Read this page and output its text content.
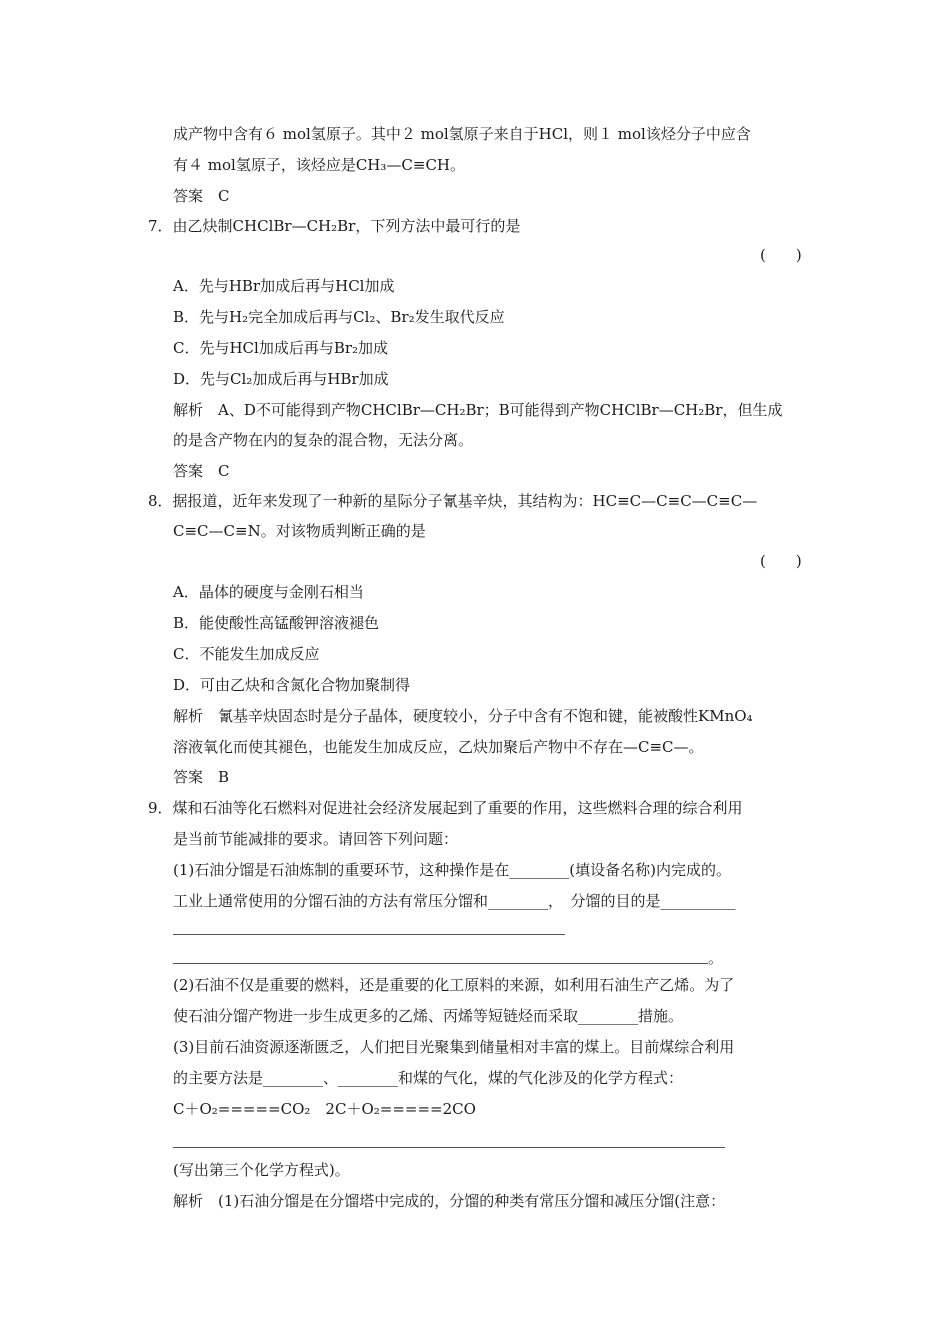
成产物中含有６ mol氢原子。其中２ mol氢原子来自于HCl，则１ mol该烃分子中应含
有４ mol氢原子，该烃应是CH₃—C≡CH。
答案　C
7．由乙炔制CHClBr—CH₂Br，下列方法中最可行的是
(　　)
A．先与HBr加成后再与HCl加成
B．先与H₂完全加成后再与Cl₂、Br₂发生取代反应
C．先与HCl加成后再与Br₂加成
D．先与Cl₂加成后再与HBr加成
解析　A、D不可能得到产物CHClBr—CH₂Br；B可能得到产物CHClBr—CH₂Br，但生成
的是含产物在内的复杂的混合物，无法分离。
答案　C
8．据报道，近年来发现了一种新的星际分子氰基辛炔，其结构为：HC≡C—C≡C—C≡C—
C≡C—C≡N。对该物质判断正确的是
(　　)
A．晶体的硬度与金刚石相当
B．能使酸性高锰酸钾溶液褪色
C．不能发生加成反应
D．可由乙炔和含氮化合物加聚制得
解析　氰基辛炔固态时是分子晶体，硬度较小，分子中含有不饱和键，能被酸性KMnO₄
溶液氧化而使其褪色，也能发生加成反应，乙炔加聚后产物中不存在—C≡C—。
答案　B
9．煤和石油等化石燃料对促进社会经济发展起到了重要的作用，这些燃料合理的综合利用
是当前节能减排的要求。请回答下列问题：
(1)石油分馏是石油炼制的重要环节，这种操作是在________(填设备名称)内完成的。
工业上通常使用的分馏石油的方法有常压分馏和________，　分馏的目的是__________
。
(2)石油不仅是重要的燃料，还是重要的化工原料的来源，如利用石油生产乙烯。为了
使石油分馏产物进一步生成更多的乙烯、丙烯等短链烃而采取________措施。
(3)目前石油资源逐渐匮乏，人们把目光聚集到储量相对丰富的煤上。目前煤综合利用
的主要方法是________、________和煤的气化，煤的气化涉及的化学方程式：
C＋O₂=====CO₂　2C＋O₂=====2CO
(写出第三个化学方程式)。
解析　(1)石油分馏是在分馏塔中完成的，分馏的种类有常压分馏和减压分馏(注意：
